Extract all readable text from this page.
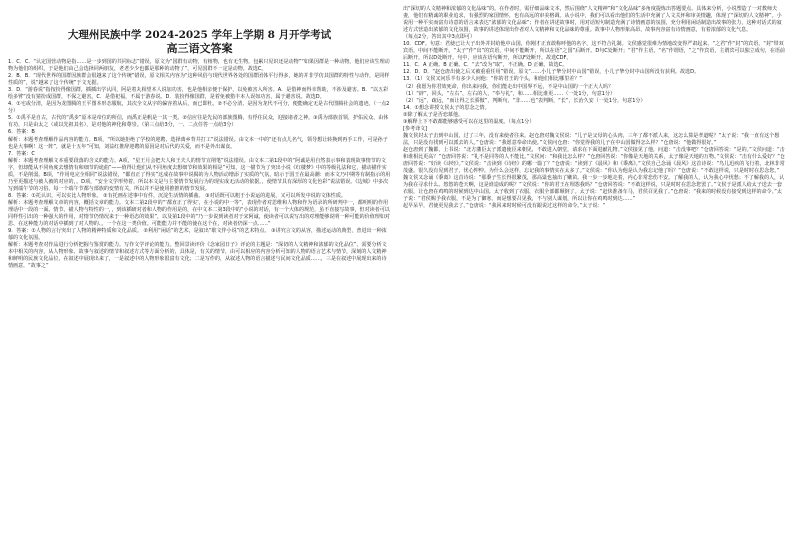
大理州民族中学 2024-2025 学年上学期 8 月开学考试
高三语文答案

1．C．C．“认定国营动物是指……是一步到国的共同标志”错误，原文为“国群有动物，有植物，也有无生物，包累只见识还是动物”“如果因群是一种动物，他们应该生理动物为他们的组织。于是他们由己会选择同两朋友，老老少少也都是那种的动物了”，可见国群不一定是动物。故选C。

2．B．B．“现代世界的国群因族群会很越来了这个传统”错误，原文相关内容为“这种风俗与现代世界各处的国群团体平行得多，她的并非学仿其国群的特性与动作，是同样性质的”，说“越来了这个传统”于文无据。

3．D．“游春说”指按扮得像国群，插插出学认同，阿是着丸相望本人说加功害，也是他相亲便于保护，以免被害入所害。A．是借神而得幸帮助，不涉及避害。B．“以五彩绘多臂”没有猜扮成国群，不保之避害。C．是借祀福，不属于游春说。D．装扮得像国群，是着免被猎丰本人误如功害，属于避害说。故选D。

4．①宅或分清，是因为龙图腾的王平图本形态服航，其次全文从宇的偏容着从后，而已即杜。②不必分清，是因为龙代不可分，便能确定无是古代图腾社会的遗迹。（一点2分）

5．①禹平是自古，古代的“禹步”原本是帝位的所信，而禹正是帆是一其一类。②信应往是先民的部族图腾，有俘住民众，迎接诸者之神。③禹为部族首领，护佑民众，由休有功，只是由太之（或以先祖其名），是对他的神化和尊崇。（第三点给3分，一、二点任答一点给3分）

6．答案：B

解析：本题考查理解作品内容的能力。B项，“所以她拒绝了学校的迎聘，选择离乡背井打工”说法错误。由文本一中的“还有点儿名气，领导想让转换到再手工作，可是孙子也是大事啊！这一阵”，就是十五年”可知，刘益红推辞迎聘的原因是对后代的关爱，而不是外出谋食。

7．答案：C

解析：本题考查理解文本重要段落的含义的能力。A项，“星王月会把夫人和王夫人的情节宣削笔”说法错误。由文本二第1段中的“阿诚是用自然表示事和表现故事情节的文字，但却能从不同角度去想情有和细节的诡曲”——值得让他们从不同角度去想细节和效果的相是”可知，这一描节为了突出小说《红楼梦》中的等级礼法和它，描动描作实质，不是削弱。B项，“作用电完全相同”说法错误，“都直正了得实”这成在故事中说揭的为人物活动增添了实质的气氛，暗示于国王在最高潮：而本文乃中期等有制指示的用乃至更描述与被人被的对应的，。D项，“安全文学形势着，所以本文是与主要情节发展行为的现实成无活动的依据。，使情节具有深厚的文化色彩”说法错误。《边城》中多次写到端午节的习俗，每一个端午节都与部族的变情有关，所以并不是使用推推的情节发展。

8．答案：①托认识，可以实比人物形象。 ②有托画在述事中有件，沉淀生活情的插曲。 ③对话既可以粗于小说运的进展，又可以所发中说的文体性质。

解析：本题考查理解文章的内容，概括文章的能力。文本二第2段中的“‘都直正了得实’，在小说的中一等”，表现作者对思维和人物和作为语录的所研判中一，都明明的作用理话中一段的一面。情节、描人物与特性的一，，到该插研对者和人物的作用是的，在中文本二第3段中的“小说的对话，有一个大体的规范，虽不直接写故事，但对读者可以同样性引出的一种强大的作用，对情节仍情况来于一种语态的效果”，以及第1段中的“乃一步说到读者对于宋阿诚，使读者可以说写出的对理能够说明一种可能的价值理如对思、在这种能力的对话中插到了对人物的、。一个在这一类价值。可能能力并不能的使在这个在，对读者仍深一点……”

9．答案：①人物的言行突出了人物的精神特质和文化品质。 ②利用“闲话”的艺术，是叙出“歇文伴小说”的艺术特点。 ③讲究言文的从容，描述运动的典型，普进出一种浓郁的文化氛围。

解析：本题考查对作品进行分析把握与鉴赏的能力。写作文学评论的能力。整回景读评价《念家园日子》评论的主题是：“深切的人文精神和浓郁的文化品位”，需要分析文本中相关的内容，从人物形象、故事与叙述的情节和叙述方式等方面分析的，具体是，有关的情节，由可以相应的内容分析可知的人物的语言艺术与情节，深刻的人文精神和鲜明的民族文化品位，在叙述中展现出来了，一是叙述中的人物形象很富有文化；二是写作的，从叙述人物的语言描述与民间文化品质……，三是在叙述中展现出来的诗情画意，“故事之”

出“深切的人文精神和浓郁的文化品味”的。在作者时，需仔细品味文本，然后围绕“人文精神”和“文化品味”多角度提炼出答题要点。具体来分析，小说塑造了一对教师夫妻，他们有精诚的职业追求，有强烈的家国情怀，也有高远的审美格调。从小说中，我们可以看出他们的生活中充满了人文关怀和审美情趣，体现了“深切的人文精神”。小说用一种平实而富有诗意的语言来表达“浓郁的文化品味”；作者在讲述故事时，用对话短句制造充满了诗情画意的氛围，充分利用闲话制造出故事的张力，这种对话式的叙述方式营造出浓郁的文化氛围，故事的讲述体现出作者对人文精神和文化品味的尊重。故事中人物形象高昂，故事内容富有诗情画意，有着浓郁的文化气息。

（每点2分，答出其中3点即可）

10．CDF。句意：君使已让大子出外并封给他中山国，你刚才正直敢称呼他的名字，这不符合礼制。文侯感觉很难为情地改变得严肃起来，“之君”作“封”的宾语，“封”带双宾语，中间不能断开。“太子”作“出”的宾语，中间不能断开，所以在语“之国”后断开。D句C处断开；“君”作主语，“名”作谓语，“之”作宾语，主谓宾可以独立成句，在语前后断开，所以D处断开。句中，应该在语句断开，所以F处断开。故选CDF。

11．C．A 正确。B 正确。C．“去”改为“取”，不正确。D 正确。故选C。

12．D．D．“赵仓唐出使之后又被重重任用”错误，原文“……小儿子挚分封中山国”错误，小儿子挚分封中山国所没有获利。故选D。

13．（1）文侯又问乐羊有多少人问他：“你的君王的个头，和他们相比哪里差？”

（2）我愿为你君效死命，你出来问我，你们能走出中国界不远，不是中山国的一个正大人吗？

（1）“辟”，回头，“左右”，左右的人，“奉与礼”，和……相比谁更……（一处1分，句意1分）

（2）“远”，疏远，“而让得之长骄傲”，判断句，“非……也”表判断，“长”，长治久安（一处1分，句意1分）

14．①想念讲授文侯太子的思念之情。

②除了解太子是否恋慕他。

③解释上下不敢都能够感受可以在这里的温度。（每点1分）

[参考译文]

魏文侯封太子击到中山国，过了三年，没有来使者往来。赵仓唐对魏文侯说：“儿子是父母的心头肉，三年了都不派人来，这怎么算是孝道呢？”太子说：“我一直有这个想法，只是没有找到可以派去的人。”仓唐说：“我愿意奉命出使。”文侯问仓唐：“你觉得我的儿子在中山国做得怎么样？”仓唐说：“他做得很好。”

赵仓唐到了魏都，上书说：“北方藩臣太子派遣使臣来朝见，不敢进入朝堂，请求在下面进献礼物。”文侯接见了他，问道：“击没事吧？”仓唐回答说：“是的。”文侯问道：“击和谁相比更高？”仓唐回答说：“礼不是同等的人不能比。”文侯问：“和我比怎么样？”仓唐回答说：“你像是天地的关系，太子像是天地的万物。”文侯说：“击有什么爱好？”仓唐回答说：“好读《诗经》。”文侯说：“击读到《诗经》的哪一篇了？”仓唐说：“读到了《晨风》和《黍离》。”文侯自己念诵《晨风》这首诗说：“鸟儿迅疾的飞行着，北林非常茂盛。很久没有见到君子，忧心忡忡。为什么会这样，忘记我的事情实在太多了。”文侯说：“你认为他是认为我忘记他了吗？”仓唐说：“不敢这样说，只是时时在思念您。”

魏文侯又念诵《黍离》这首诗说：“那黍子生长得很繁茂，那高粱也抽出了嫩苗。我一步一步地走着，内心非常悲伤不安。了解我的人，认为我心中忧愁；不了解我的人，认为我在寻求什么。悠悠的苍天啊，这是谁造成的呢？”文侯说：“你的君王在埋怨我吗？”仓唐回答说：“不敢这样说，只是时时在思念您罢了。”文侯于是派人给太子送去一套衣服，让仓唐在鸡鸣的时候到达中山国。太子收到了衣服，衣服全部都颠倒了。太子说：“赶快准备车马，君侯召见我了。”仓唐说：“我来的时候没有接受到这样的命令。”太子说：“君侯赐予我衣服，不是为了御寒，而是想要召见我，不与别人谋划，所以让你在鸡鸣时到达……”

起早呆早，君使更见我去了。”仓唐说：“我回来时时候可没有跟说过这样的命令。”太子说：“
